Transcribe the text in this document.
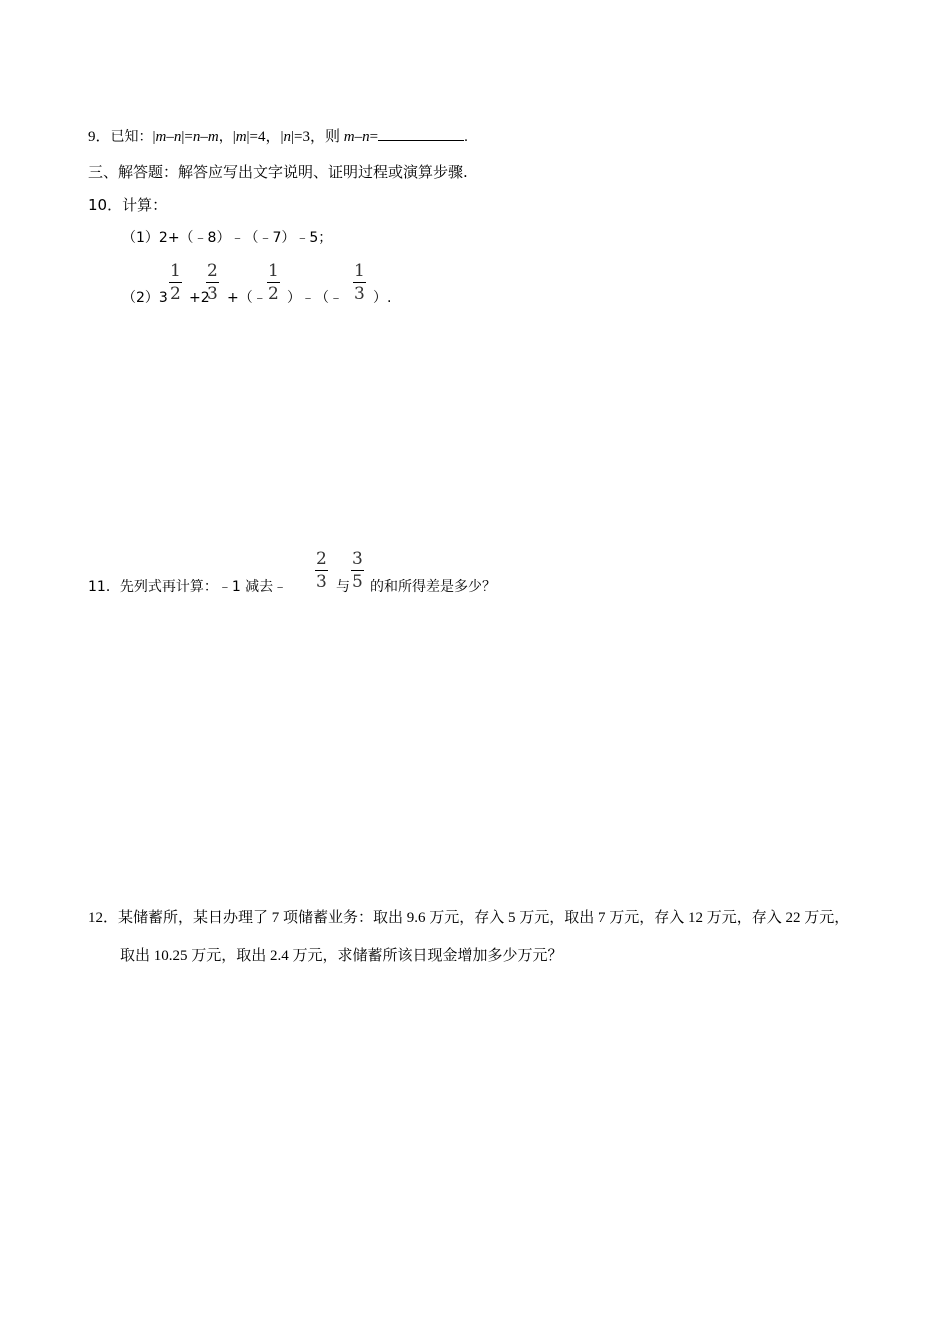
9．已知：|m–n|=n–m，|m|=4，|n|=3，则 m–n=	.
三、解答题：解答应写出文字说明、证明过程或演算步骤.
10．计算：
（1）2+（﹣8）﹣（﹣7）﹣5；
（2）3
1
2 +2
2
3 +（﹣
1
2 ）﹣（﹣
1
3 ）.
11．先列式再计算：﹣1 减去﹣
2
3 与
3
5 的和所得差是多少？
12．某储蓄所，某日办理了 7 项储蓄业务：取出 9.6 万元，存入 5 万元，取出 7 万元，存入 12 万元，存入 22 万元，
取出 10.25 万元，取出 2.4 万元，求储蓄所该日现金增加多少万元？
